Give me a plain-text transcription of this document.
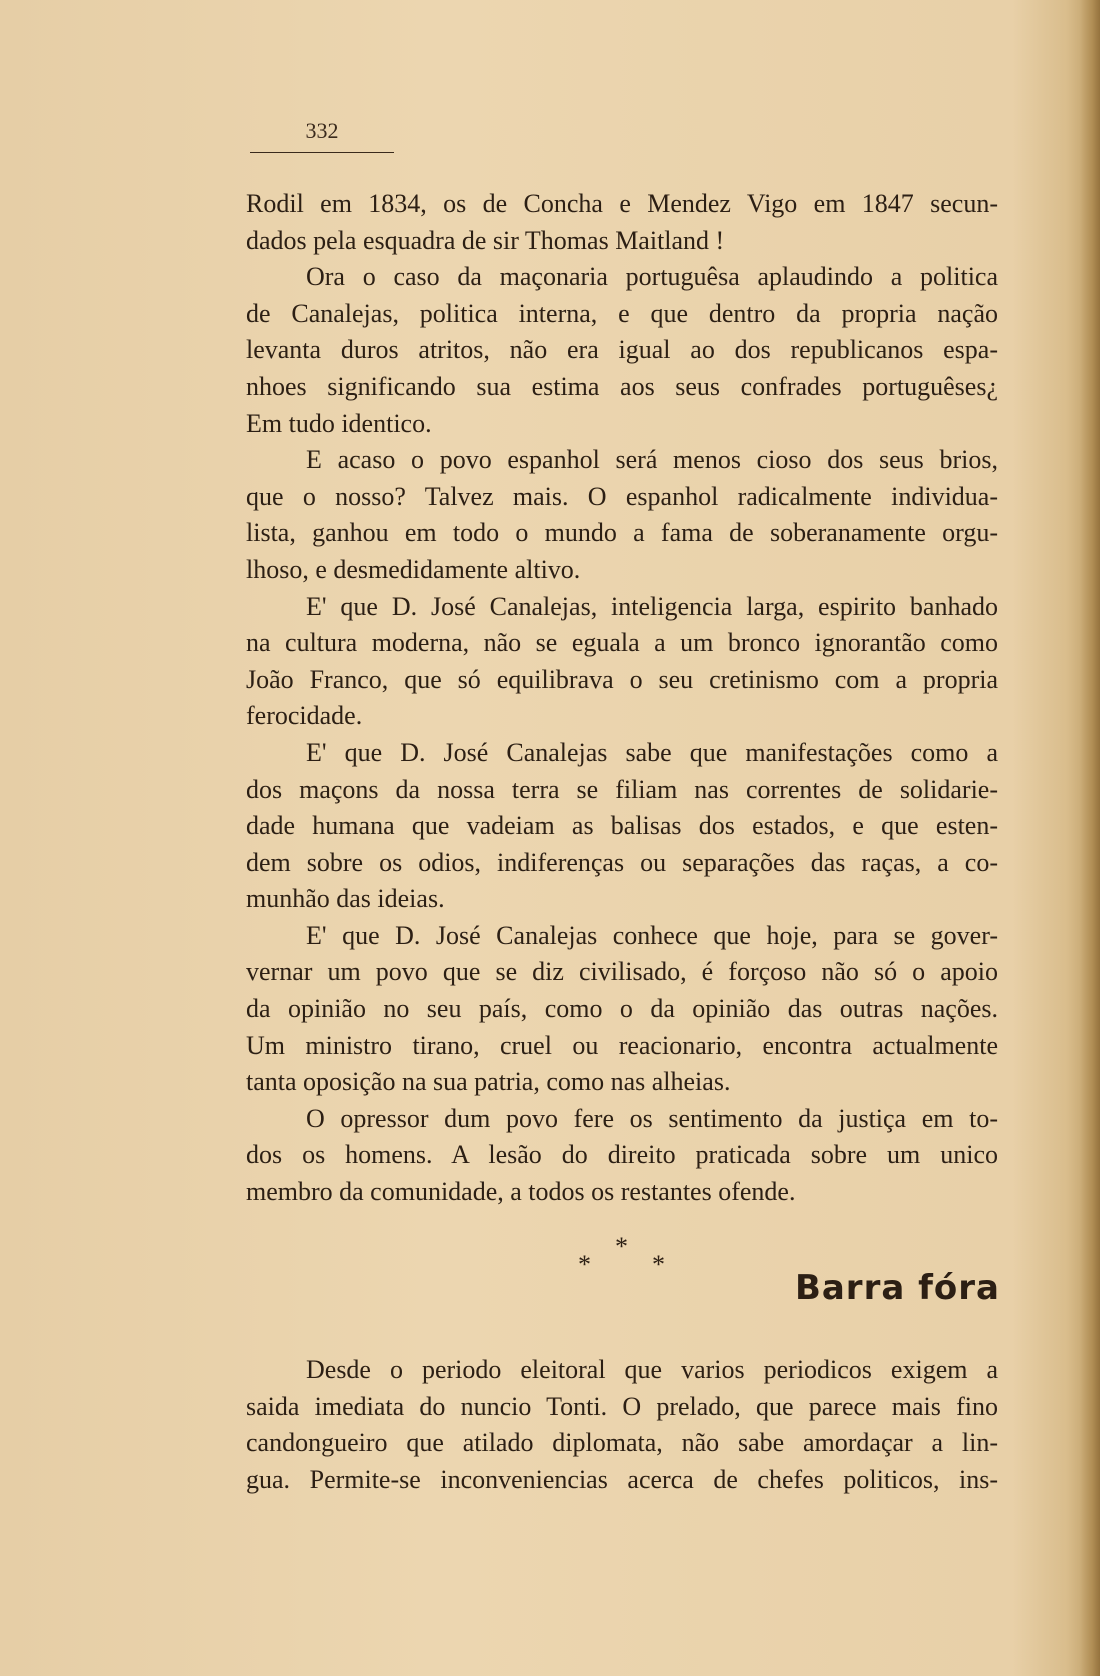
332
Rodil em 1834, os de Concha e Mendez Vigo em 1847 secun-
dados pela esquadra de sir Thomas Maitland !
Ora o caso da maçonaria portuguêsa aplaudindo a politica
de Canalejas, politica interna, e que dentro da propria nação
levanta duros atritos, não era igual ao dos republicanos espa-
nhoes significando sua estima aos seus confrades portuguêses¿
Em tudo identico.
E acaso o povo espanhol será menos cioso dos seus brios,
que o nosso? Talvez mais. O espanhol radicalmente individua-
lista, ganhou em todo o mundo a fama de soberanamente orgu-
lhoso, e desmedidamente altivo.
E' que D. José Canalejas, inteligencia larga, espirito banhado
na cultura moderna, não se eguala a um bronco ignorantão como
João Franco, que só equilibrava o seu cretinismo com a propria
ferocidade.
E' que D. José Canalejas sabe que manifestações como a
dos maçons da nossa terra se filiam nas correntes de solidarie-
dade humana que vadeiam as balisas dos estados, e que esten-
dem sobre os odios, indiferenças ou separações das raças, a co-
munhão das ideias.
E' que D. José Canalejas conhece que hoje, para se gover-
vernar um povo que se diz civilisado, é forçoso não só o apoio
da opinião no seu país, como o da opinião das outras nações.
Um ministro tirano, cruel ou reacionario, encontra actualmente
tanta oposição na sua patria, como nas alheias.
O opressor dum povo fere os sentimento da justiça em to-
dos os homens. A lesão do direito praticada sobre um unico
membro da comunidade, a todos os restantes ofende.
*
* *
Barra fóra
Desde o periodo eleitoral que varios periodicos exigem a
saida imediata do nuncio Tonti. O prelado, que parece mais fino
candongueiro que atilado diplomata, não sabe amordaçar a lin-
gua. Permite-se inconveniencias acerca de chefes politicos, ins-
